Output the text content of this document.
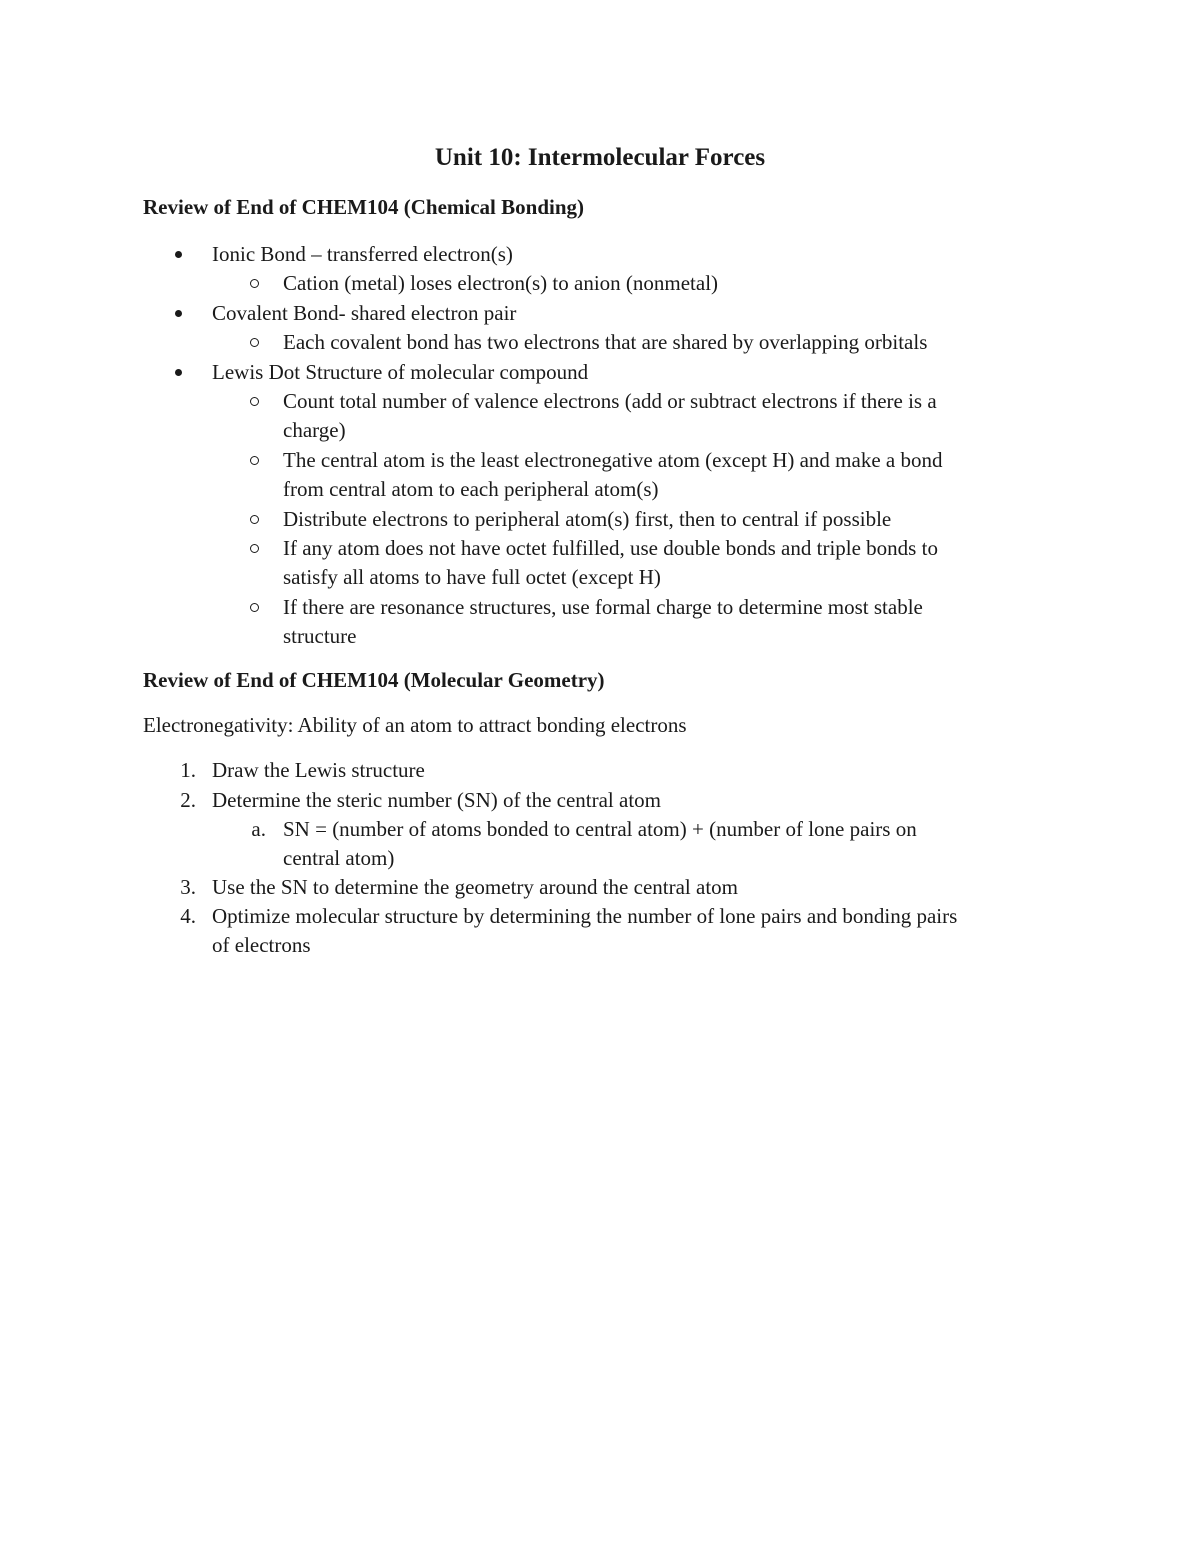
Unit 10: Intermolecular Forces
Review of End of CHEM104 (Chemical Bonding)
Ionic Bond – transferred electron(s)
Cation (metal) loses electron(s) to anion (nonmetal)
Covalent Bond- shared electron pair
Each covalent bond has two electrons that are shared by overlapping orbitals
Lewis Dot Structure of molecular compound
Count total number of valence electrons (add or subtract electrons if there is a
charge)
The central atom is the least electronegative atom (except H) and make a bond
from central atom to each peripheral atom(s)
Distribute electrons to peripheral atom(s) first, then to central if possible
If any atom does not have octet fulfilled, use double bonds and triple bonds to
satisfy all atoms to have full octet (except H)
If there are resonance structures, use formal charge to determine most stable
structure
Review of End of CHEM104 (Molecular Geometry)
Electronegativity: Ability of an atom to attract bonding electrons
1. Draw the Lewis structure
2. Determine the steric number (SN) of the central atom
a. SN = (number of atoms bonded to central atom) + (number of lone pairs on
central atom)
3. Use the SN to determine the geometry around the central atom
4. Optimize molecular structure by determining the number of lone pairs and bonding pairs
of electrons
